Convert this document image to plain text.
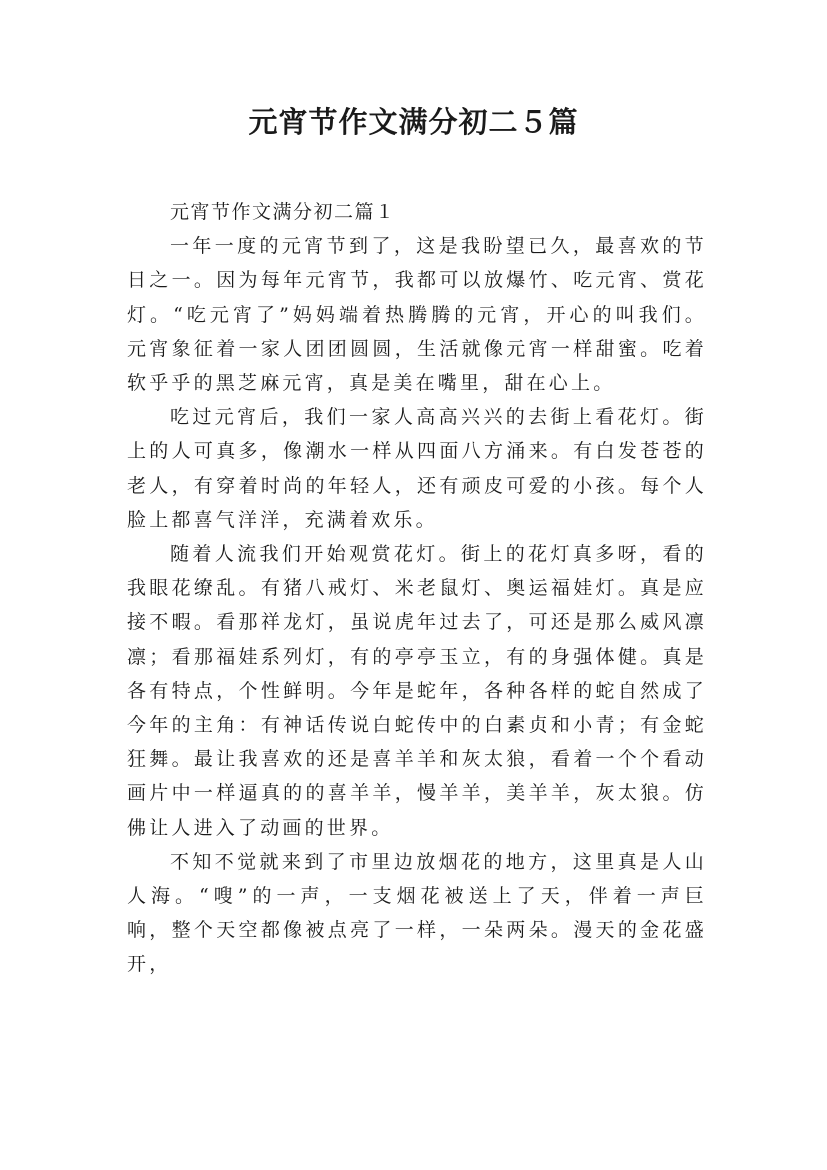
元宵节作文满分初二５篇

元宵节作文满分初二篇１

一年一度的元宵节到了，这是我盼望已久，最喜欢的节日之一。因为每年元宵节，我都可以放爆竹、吃元宵、赏花灯。“吃元宵了”妈妈端着热腾腾的元宵，开心的叫我们。元宵象征着一家人团团圆圆，生活就像元宵一样甜蜜。吃着软乎乎的黑芝麻元宵，真是美在嘴里，甜在心上。

吃过元宵后，我们一家人高高兴兴的去街上看花灯。街上的人可真多，像潮水一样从四面八方涌来。有白发苍苍的老人，有穿着时尚的年轻人，还有顽皮可爱的小孩。每个人脸上都喜气洋洋，充满着欢乐。

随着人流我们开始观赏花灯。街上的花灯真多呀，看的我眼花缭乱。有猪八戒灯、米老鼠灯、奥运福娃灯。真是应接不暇。看那祥龙灯，虽说虎年过去了，可还是那么威风凛凛；看那福娃系列灯，有的亭亭玉立，有的身强体健。真是各有特点，个性鲜明。今年是蛇年，各种各样的蛇自然成了今年的主角：有神话传说白蛇传中的白素贞和小青；有金蛇狂舞。最让我喜欢的还是喜羊羊和灰太狼，看着一个个看动画片中一样逼真的的喜羊羊，慢羊羊，美羊羊，灰太狼。仿佛让人进入了动画的世界。

不知不觉就来到了市里边放烟花的地方，这里真是人山人海。“嗖”的一声，一支烟花被送上了天，伴着一声巨响，整个天空都像被点亮了一样，一朵两朵。漫天的金花盛开，
